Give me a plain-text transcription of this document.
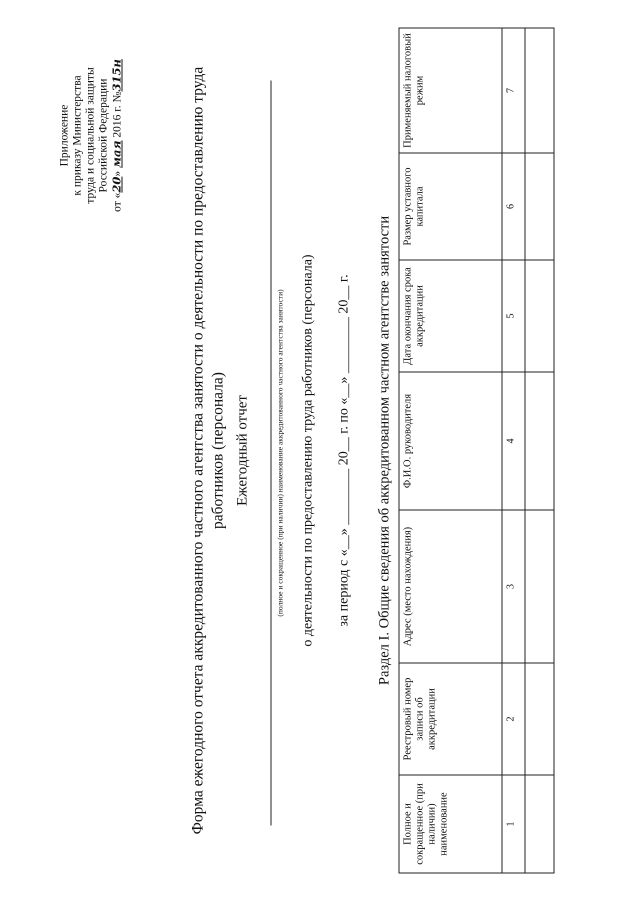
Приложение к приказу Министерства труда и социальной защиты Российской Федерации
от «20» мая 2016 г. №315н	Форма ежегодного отчета аккредитованного частного агентства занятости о деятельности по предоставлению труда работников (персонала) Ежегодный отчет	(полное и сокращенное (при наличии) наименование аккредитованного частного агентства занятости) о деятельности по предоставлению труда работников (персонала) за период с «__» ________ 20__ г. по «__» ________ 20__ г. Раздел I. Общие сведения об аккредитованном частном агентстве занятости
Полное и сокращенное (при наличии) наименование	Реестровый номер записи об аккредитации	Адрес (место нахождения)	Ф.И.О. руководителя	Дата окончания срока аккредитации	Размер уставного капитала	Применяемый налоговый режим
1	2	3	4	5	6	7
